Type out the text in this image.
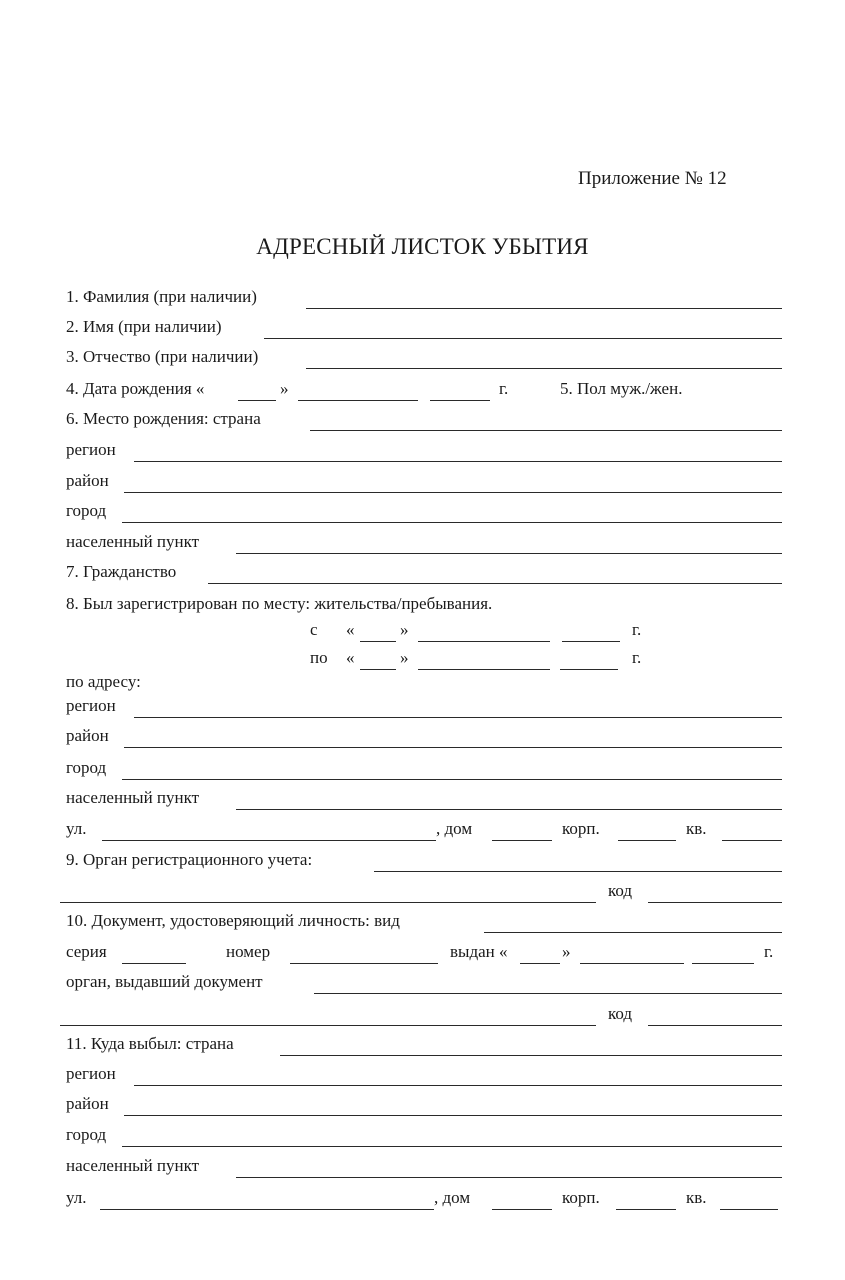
Приложение № 12
АДРЕСНЫЙ ЛИСТОК УБЫТИЯ
1. Фамилия (при наличии)
2. Имя (при наличии)
3. Отчество (при наличии)
4. Дата рождения «	»	г.	5. Пол муж./жен.
6. Место рождения: страна
регион
район
город
населенный пункт
7. Гражданство
8. Был зарегистрирован по месту: жительства/пребывания.
с «	»	г.
по «	»	г.
по адресу:
регион
район
город
населенный пункт
ул.	, дом	корп.	кв.
9. Орган регистрационного учета:
код
10. Документ, удостоверяющий личность: вид
серия	номер	выдан «	»	г.
орган, выдавший документ
код
11. Куда выбыл: страна
регион
район
город
населенный пункт
ул.	, дом	корп.	кв.
